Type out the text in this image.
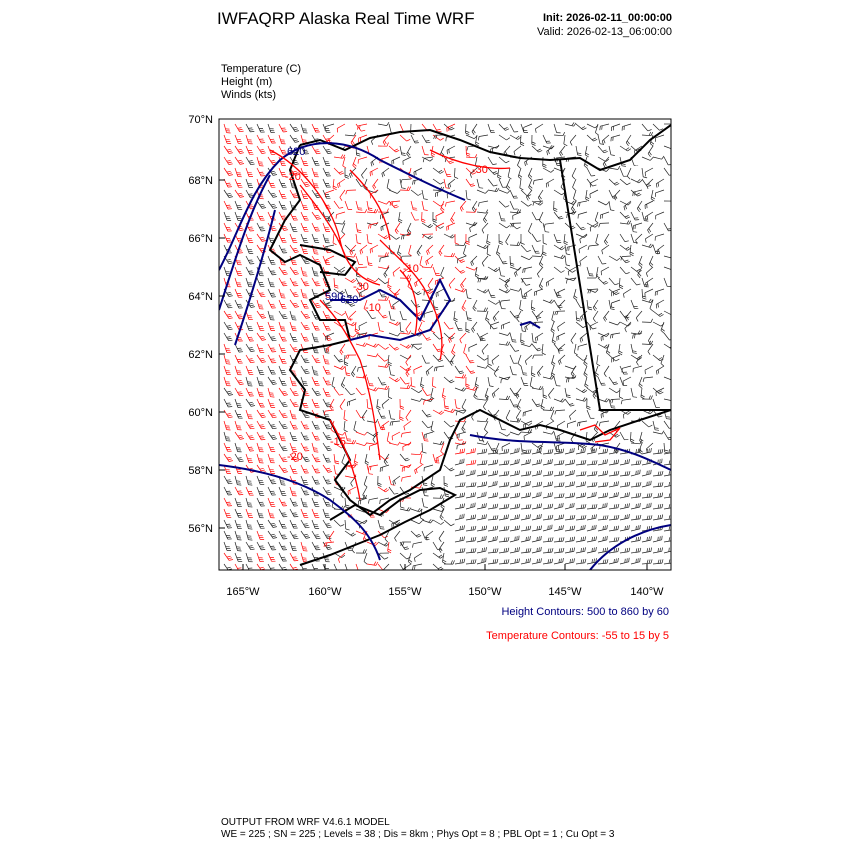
IWFAQRP Alaska Real Time WRF	Init: 2026-02-11_00:00:00
Valid: 2026-02-13_06:00:00
Temperature (C)
Height (m)
Winds (kts)
70°N
68°N
66°N
64°N
62°N
60°N
58°N
56°N
165°W	160°W	155°W	150°W	145°W	140°W
620
620
590
-20
-30
-10
-30
-10
-20
-15
Height Contours: 500 to 860 by 60
Temperature Contours: -55 to 15 by 5
OUTPUT FROM WRF V4.6.1 MODEL
WE = 225 ; SN = 225 ; Levels = 38 ; Dis = 8km ; Phys Opt = 8 ; PBL Opt = 1 ; Cu Opt = 3
